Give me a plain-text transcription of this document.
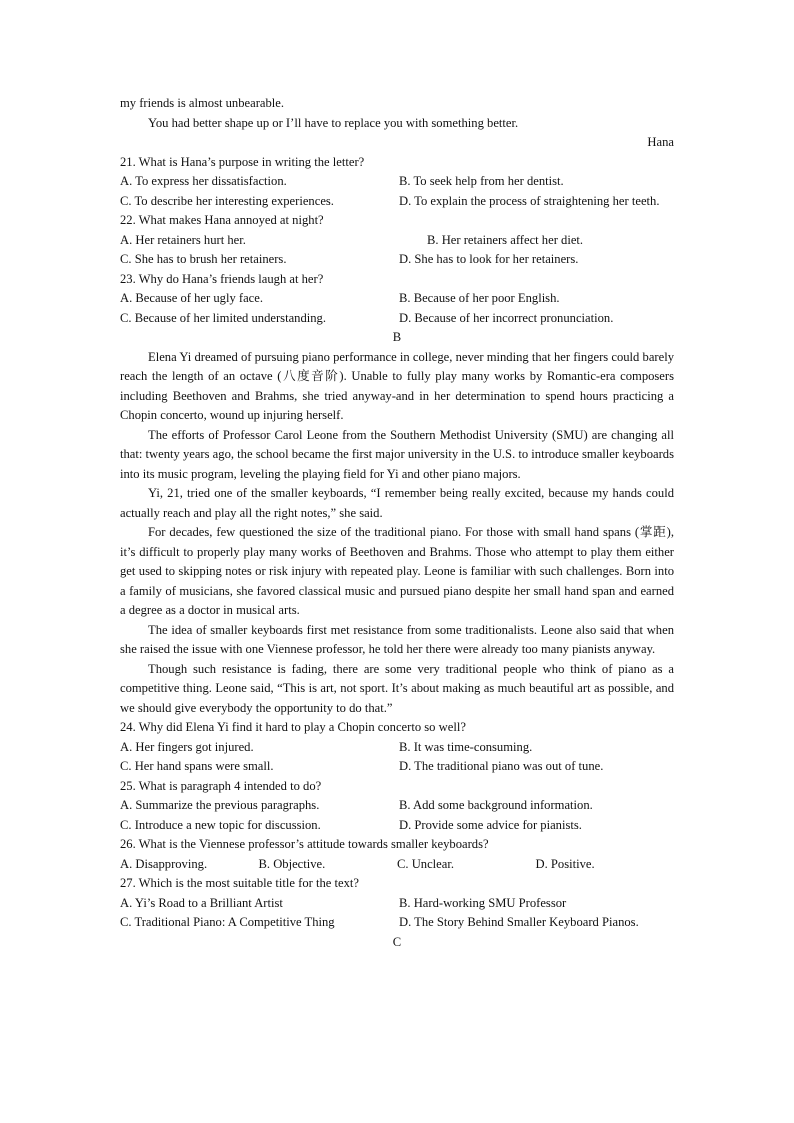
my friends is almost unbearable.
You had better shape up or I’ll have to replace you with something better.
Hana
21. What is Hana’s purpose in writing the letter?
A. To express her dissatisfaction.	B. To seek help from her dentist.
C. To describe her interesting experiences.	D. To explain the process of straightening her teeth.
22. What makes Hana annoyed at night?
A. Her retainers hurt her.	B. Her retainers affect her diet.
C. She has to brush her retainers.	D. She has to look for her retainers.
23. Why do Hana’s friends laugh at her?
A. Because of her ugly face.	B. Because of her poor English.
C. Because of her limited understanding.	D. Because of her incorrect pronunciation.
B
Elena Yi dreamed of pursuing piano performance in college, never minding that her fingers could barely reach the length of an octave (八度音阶). Unable to fully play many works by Romantic-era composers including Beethoven and Brahms, she tried anyway-and in her determination to spend hours practicing a Chopin concerto, wound up injuring herself.
The efforts of Professor Carol Leone from the Southern Methodist University (SMU) are changing all that: twenty years ago, the school became the first major university in the U.S. to introduce smaller keyboards into its music program, leveling the playing field for Yi and other piano majors.
Yi, 21, tried one of the smaller keyboards, “I remember being really excited, because my hands could actually reach and play all the right notes,” she said.
For decades, few questioned the size of the traditional piano. For those with small hand spans (掌距), it’s difficult to properly play many works of Beethoven and Brahms. Those who attempt to play them either get used to skipping notes or risk injury with repeated play. Leone is familiar with such challenges. Born into a family of musicians, she favored classical music and pursued piano despite her small hand span and earned a degree as a doctor in musical arts.
The idea of smaller keyboards first met resistance from some traditionalists. Leone also said that when she raised the issue with one Viennese professor, he told her there were already too many pianists anyway.
Though such resistance is fading, there are some very traditional people who think of piano as a competitive thing. Leone said, “This is art, not sport. It’s about making as much beautiful art as possible, and we should give everybody the opportunity to do that.”
24. Why did Elena Yi find it hard to play a Chopin concerto so well?
A. Her fingers got injured.	B. It was time-consuming.
C. Her hand spans were small.	D. The traditional piano was out of tune.
25. What is paragraph 4 intended to do?
A. Summarize the previous paragraphs.	B. Add some background information.
C. Introduce a new topic for discussion.	D. Provide some advice for pianists.
26. What is the Viennese professor’s attitude towards smaller keyboards?
A. Disapproving.	B. Objective.	C. Unclear.	D. Positive.
27. Which is the most suitable title for the text?
A. Yi’s Road to a Brilliant Artist	B. Hard-working SMU Professor
C. Traditional Piano: A Competitive Thing	D. The Story Behind Smaller Keyboard Pianos.
C
